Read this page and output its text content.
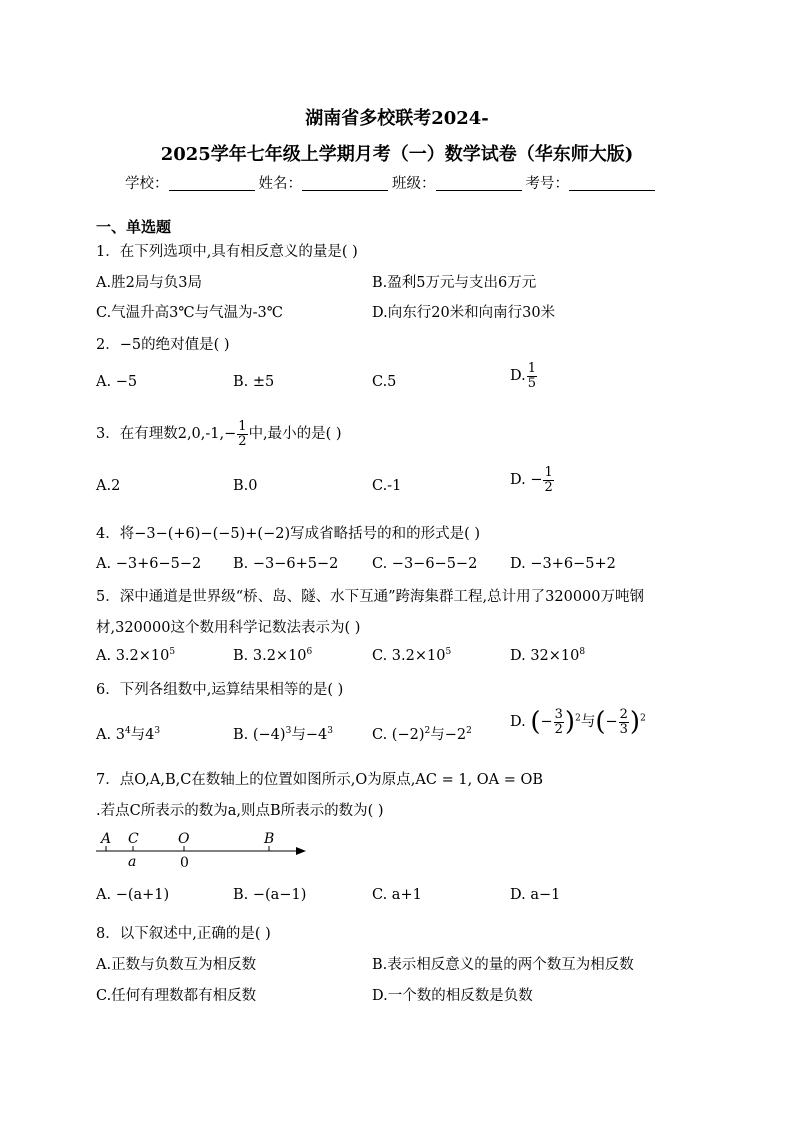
湖南省多校联考2024-
2025学年七年级上学期月考（一）数学试卷（华东师大版)
学校：	姓名：	班级：	考号：
一、单选题
1．在下列选项中,具有相反意义的量是( )
A.胜2局与负3局	B.盈利5万元与支出6万元
C.气温升高3℃与气温为-3℃	D.向东行20米和向南行30米
2．−5的绝对值是( )
A. −5	B. ±5	C.5	D. $\frac{1}{5}$
3．在有理数$2,0,-1,- \frac{1}{2}$ 中,最小的是( )
A.2	B.0	C.-1	D. − $\frac{1}{2}$
4．将−3−(+6)−(−5)+(−2)写成省略括号的和的形式是( )
A. −3+6−5−2 B. −3−6+5−2 C. −3−6−5−2 D. −3+6−5+2
5．深中通道是世界级“桥、岛、隧、水下互通”跨海集群工程,总计用了320000万吨钢
材,320000这个数用科学记数法表示为( )
A. $3.2\times 10^5$	B. $3.2\times 10^6$	C. $3.2\times 10^5$	D. $32\times 10^8$
6．下列各组数中,运算结果相等的是( )
A. $3^4$与$4^3$	B. $(-4)^3$与$-4^3$	C. $(-2)^2$与$-2^2$
D. (− $\frac{3}{2} )^2$与(− $\frac{2}{3} )^2$
7．点O,A,B,C在数轴上的位置如图所示,O为原点,AC = 1, OA = OB
.若点C所表示的数为a,则点B所表示的数为( )
A C	O	B
a	0
A. −(a+1)	B. −(a−1)	C. a+1	D. a−1
8．以下叙述中,正确的是( )
A.正数与负数互为相反数	B.表示相反意义的量的两个数互为相反数
C.任何有理数都有相反数	D.一个数的相反数是负数
